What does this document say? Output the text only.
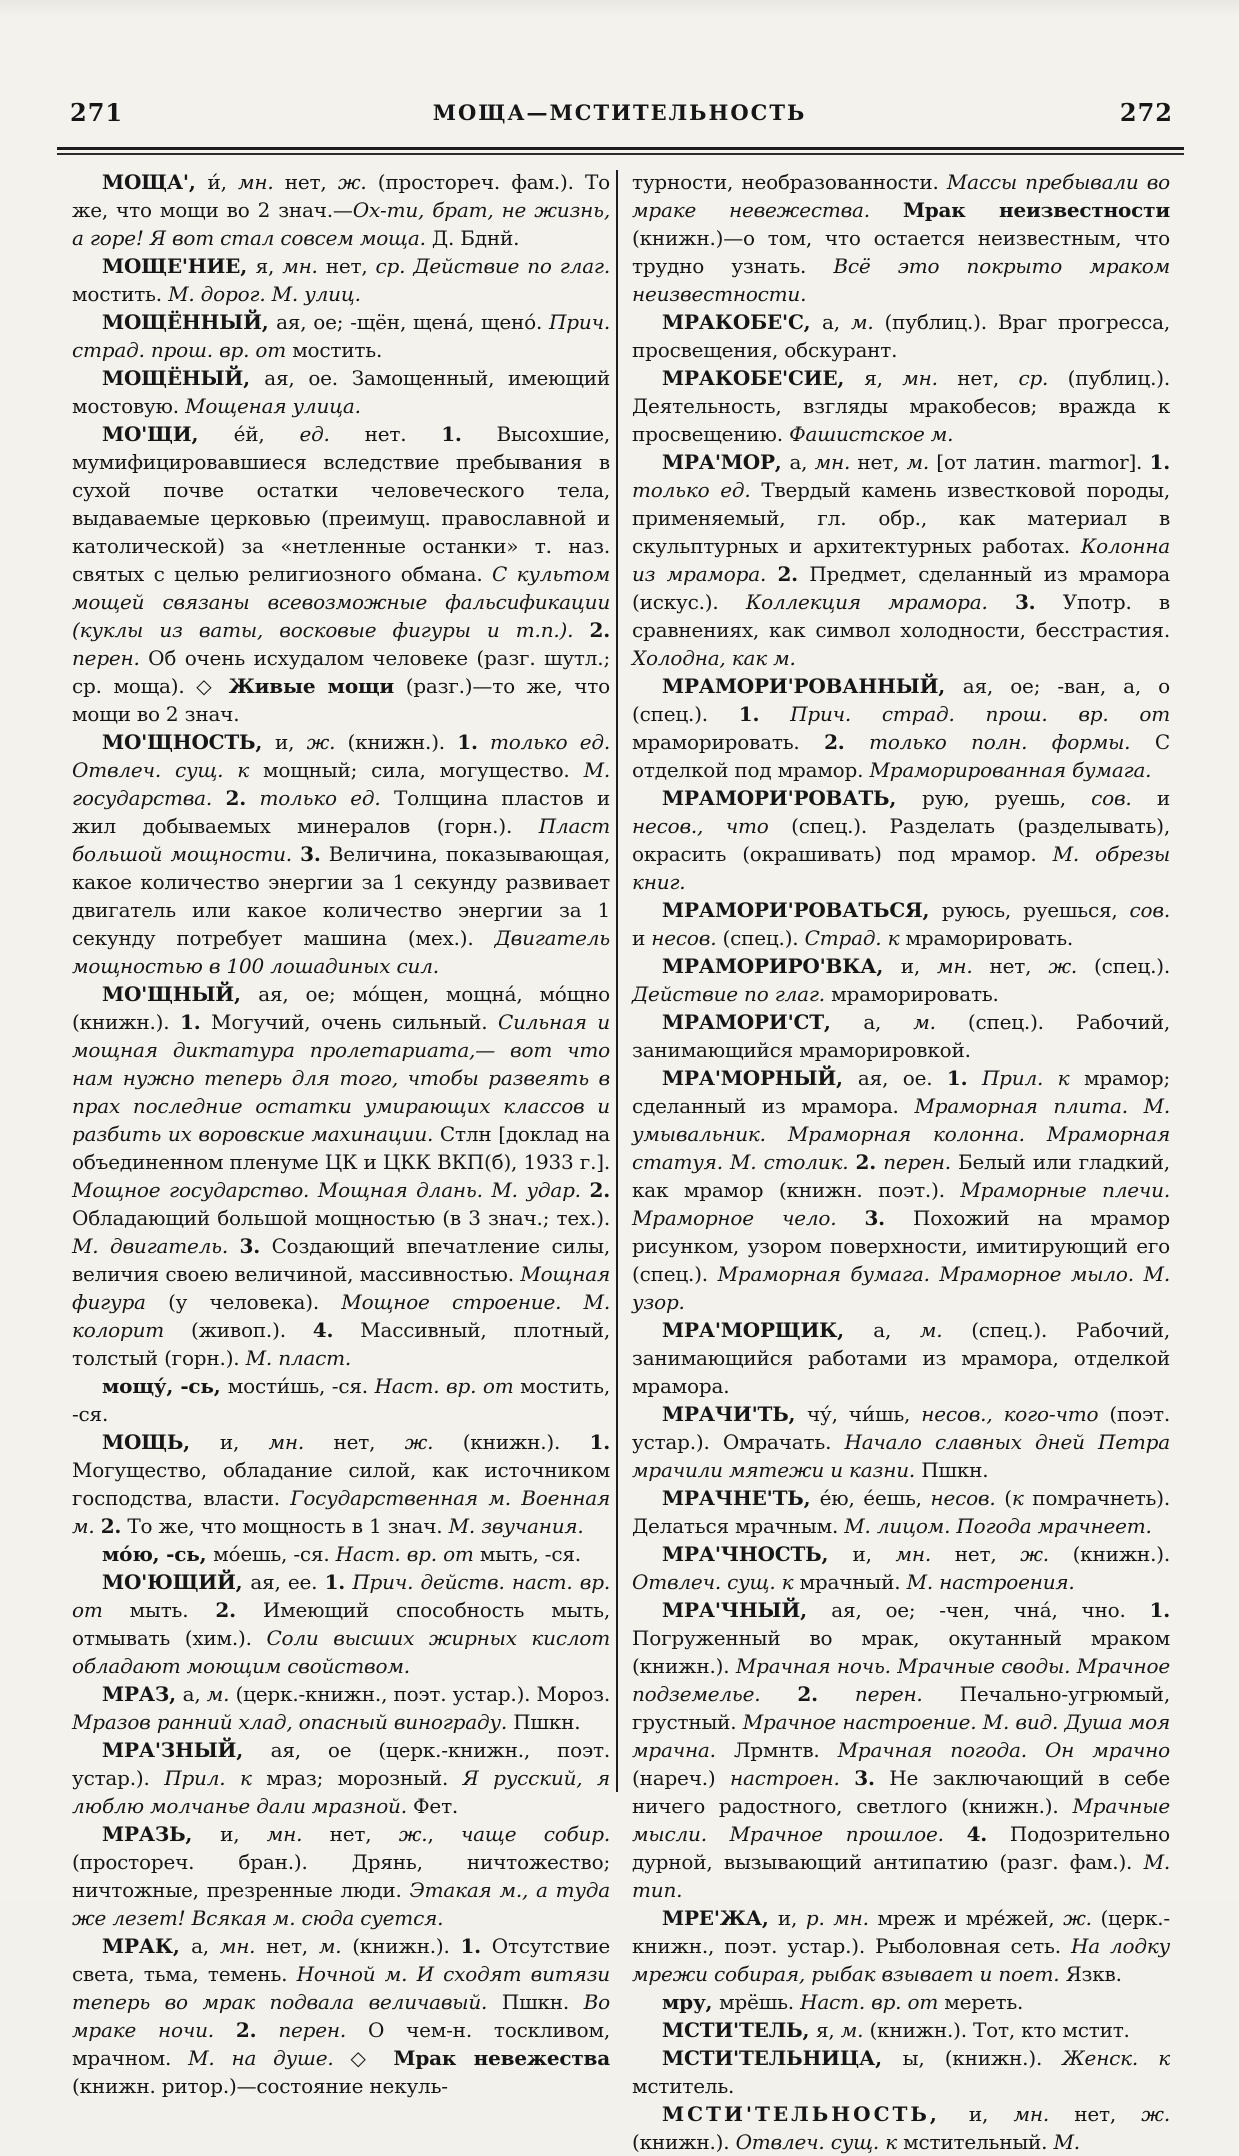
271	МОЩА—МСТИТЕЛЬНОСТЬ	272

МОЩА', и́, мн. нет, ж. (простореч. фам.). То же, что мощи во 2 знач.—Ох-ти, брат, не жизнь, а горе! Я вот стал совсем моща. Д. Бднй.

МОЩЕ'НИЕ, я, мн. нет, ср. Действие по глаг. мостить. М. дорог. М. улиц.

МОЩЁННЫЙ, ая, ое; -щён, щена́, щено́. Прич. страд. прош. вр. от мостить.

МОЩЁНЫЙ, ая, ое. Замощенный, имеющий мостовую. Мощеная улица.

МО'ЩИ, е́й, ед. нет. 1. Высохшие, мумифицировавшиеся вследствие пребывания в сухой почве остатки человеческого тела, выдаваемые церковью (преимущ. православной и католической) за «нетленные останки» т. наз. святых с целью религиозного обмана. С культом мощей связаны всевозможные фальсификации (куклы из ваты, восковые фигуры и т.п.). 2. перен. Об очень исхудалом человеке (разг. шутл.; ср. моща). ◇ Живые мощи (разг.)—то же, что мощи во 2 знач.

МО'ЩНОСТЬ, и, ж. (книжн.). 1. только ед. Отвлеч. сущ. к мощный; сила, могущество. М. государства. 2. только ед. Толщина пластов и жил добываемых минералов (горн.). Пласт большой мощности. 3. Величина, показывающая, какое количество энергии за 1 секунду развивает двигатель или какое количество энергии за 1 секунду потребует машина (мех.). Двигатель мощностью в 100 лошадиных сил.

МО'ЩНЫЙ, ая, ое; мо́щен, мощна́, мо́щно (книжн.). 1. Могучий, очень сильный. Сильная и мощная диктатура пролетариата,— вот что нам нужно теперь для того, чтобы развеять в прах последние остатки умирающих классов и разбить их воровские махинации. Стлн [доклад на объединенном пленуме ЦК и ЦКК ВКП(б), 1933 г.]. Мощное государство. Мощная длань. М. удар. 2. Обладающий большой мощностью (в 3 знач.; тех.). М. двигатель. 3. Создающий впечатление силы, величия своею величиной, массивностью. Мощная фигура (у человека). Мощное строение. М. колорит (живоп.). 4. Массивный, плотный, толстый (горн.). М. пласт.

мощу́, -сь, мости́шь, -ся. Наст. вр. от мостить, -ся.

МОЩЬ, и, мн. нет, ж. (книжн.). 1. Могущество, обладание силой, как источником господства, власти. Государственная м. Военная м. 2. То же, что мощность в 1 знач. М. звучания.

мо́ю, -сь, мо́ешь, -ся. Наст. вр. от мыть, -ся.

МО'ЮЩИЙ, ая, ее. 1. Прич. действ. наст. вр. от мыть. 2. Имеющий способность мыть, отмывать (хим.). Соли высших жирных кислот обладают моющим свойством.

МРАЗ, а, м. (церк.-книжн., поэт. устар.). Мороз. Мразов ранний хлад, опасный винограду. Пшкн.

МРА'ЗНЫЙ, ая, ое (церк.-книжн., поэт. устар.). Прил. к мраз; морозный. Я русский, я люблю молчанье дали мразной. Фет.

МРАЗЬ, и, мн. нет, ж., чаще собир. (простореч. бран.). Дрянь, ничтожество; ничтожные, презренные люди. Этакая м., а туда же лезет! Всякая м. сюда суется.

МРАК, а, мн. нет, м. (книжн.). 1. Отсутствие света, тьма, темень. Ночной м. И сходят витязи теперь во мрак подвала величавый. Пшкн. Во мраке ночи. 2. перен. О чем-н. тоскливом, мрачном. М. на душе. ◇ Мрак невежества (книжн. ритор.)—состояние некуль-

турности, необразованности. Массы пребывали во мраке невежества. Мрак неизвестности (книжн.)—о том, что остается неизвестным, что трудно узнать. Всё это покрыто мраком неизвестности.

МРАКОБЕ'С, а, м. (публиц.). Враг прогресса, просвещения, обскурант.

МРАКОБЕ'СИЕ, я, мн. нет, ср. (публиц.). Деятельность, взгляды мракобесов; вражда к просвещению. Фашистское м.

МРА'МОР, а, мн. нет, м. [от латин. marmor]. 1. только ед. Твердый камень известковой породы, применяемый, гл. обр., как материал в скульптурных и архитектурных работах. Колонна из мрамора. 2. Предмет, сделанный из мрамора (искус.). Коллекция мрамора. 3. Употр. в сравнениях, как символ холодности, бесстрастия. Холодна, как м.

МРАМОРИ'РОВАННЫЙ, ая, ое; -ван, а, о (спец.). 1. Прич. страд. прош. вр. от мраморировать. 2. только полн. формы. С отделкой под мрамор. Мраморированная бумага.

МРАМОРИ'РОВАТЬ, рую, руешь, сов. и несов., что (спец.). Разделать (разделывать), окрасить (окрашивать) под мрамор. М. обрезы книг.

МРАМОРИ'РОВАТЬСЯ, руюсь, руешься, сов. и несов. (спец.). Страд. к мраморировать.

МРАМОРИРО'ВКА, и, мн. нет, ж. (спец.). Действие по глаг. мраморировать.

МРАМОРИ'СТ, а, м. (спец.). Рабочий, занимающийся мраморировкой.

МРА'МОРНЫЙ, ая, ое. 1. Прил. к мрамор; сделанный из мрамора. Мраморная плита. М. умывальник. Мраморная колонна. Мраморная статуя. М. столик. 2. перен. Белый или гладкий, как мрамор (книжн. поэт.). Мраморные плечи. Мраморное чело. 3. Похожий на мрамор рисунком, узором поверхности, имитирующий его (спец.). Мраморная бумага. Мраморное мыло. М. узор.

МРА'МОРЩИК, а, м. (спец.). Рабочий, занимающийся работами из мрамора, отделкой мрамора.

МРАЧИ'ТЬ, чу́, чи́шь, несов., кого-что (поэт. устар.). Омрачать. Начало славных дней Петра мрачили мятежи и казни. Пшкн.

МРАЧНЕ'ТЬ, е́ю, е́ешь, несов. (к помрачнеть). Делаться мрачным. М. лицом. Погода мрачнеет.

МРА'ЧНОСТЬ, и, мн. нет, ж. (книжн.). Отвлеч. сущ. к мрачный. М. настроения.

МРА'ЧНЫЙ, ая, ое; -чен, чна́, чно. 1. Погруженный во мрак, окутанный мраком (книжн.). Мрачная ночь. Мрачные своды. Мрачное подземелье. 2. перен. Печально-угрюмый, грустный. Мрачное настроение. М. вид. Душа моя мрачна. Лрмнтв. Мрачная погода. Он мрачно (нареч.) настроен. 3. Не заключающий в себе ничего радостного, светлого (книжн.). Мрачные мысли. Мрачное прошлое. 4. Подозрительно дурной, вызывающий антипатию (разг. фам.). М. тип.

МРЕ'ЖА, и, р. мн. мреж и мре́жей, ж. (церк.-книжн., поэт. устар.). Рыболовная сеть. На лодку мрежи собирая, рыбак взывает и поет. Язкв.

мру, мрёшь. Наст. вр. от мереть.

МСТИ'ТЕЛЬ, я, м. (книжн.). Тот, кто мстит.

МСТИ'ТЕЛЬНИЦА, ы, (книжн.). Женск. к мститель.

МСТИ'ТЕЛЬНОСТЬ, и, мн. нет, ж. (книжн.). Отвлеч. сущ. к мстительный. М.
